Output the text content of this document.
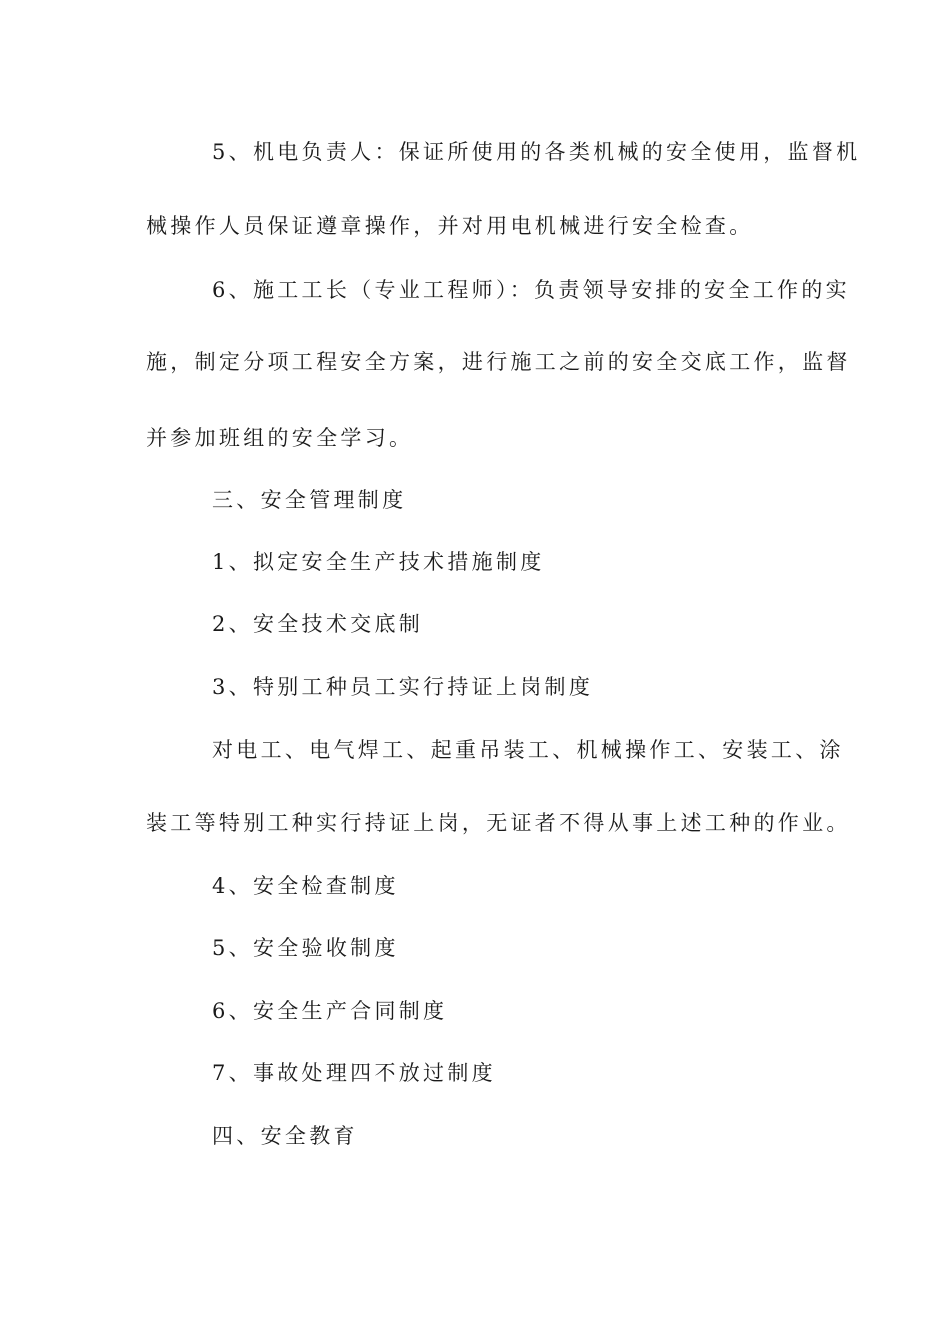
5、机电负责人：保证所使用的各类机械的安全使用，监督机

械操作人员保证遵章操作，并对用电机械进行安全检查。

6、施工工长（专业工程师）：负责领导安排的安全工作的实

施，制定分项工程安全方案，进行施工之前的安全交底工作，监督

并参加班组的安全学习。

三、安全管理制度

1、拟定安全生产技术措施制度

2、安全技术交底制

3、特别工种员工实行持证上岗制度

对电工、电气焊工、起重吊装工、机械操作工、安装工、涂

装工等特别工种实行持证上岗，无证者不得从事上述工种的作业。

4、安全检查制度

5、安全验收制度

6、安全生产合同制度

7、事故处理四不放过制度

四、安全教育
